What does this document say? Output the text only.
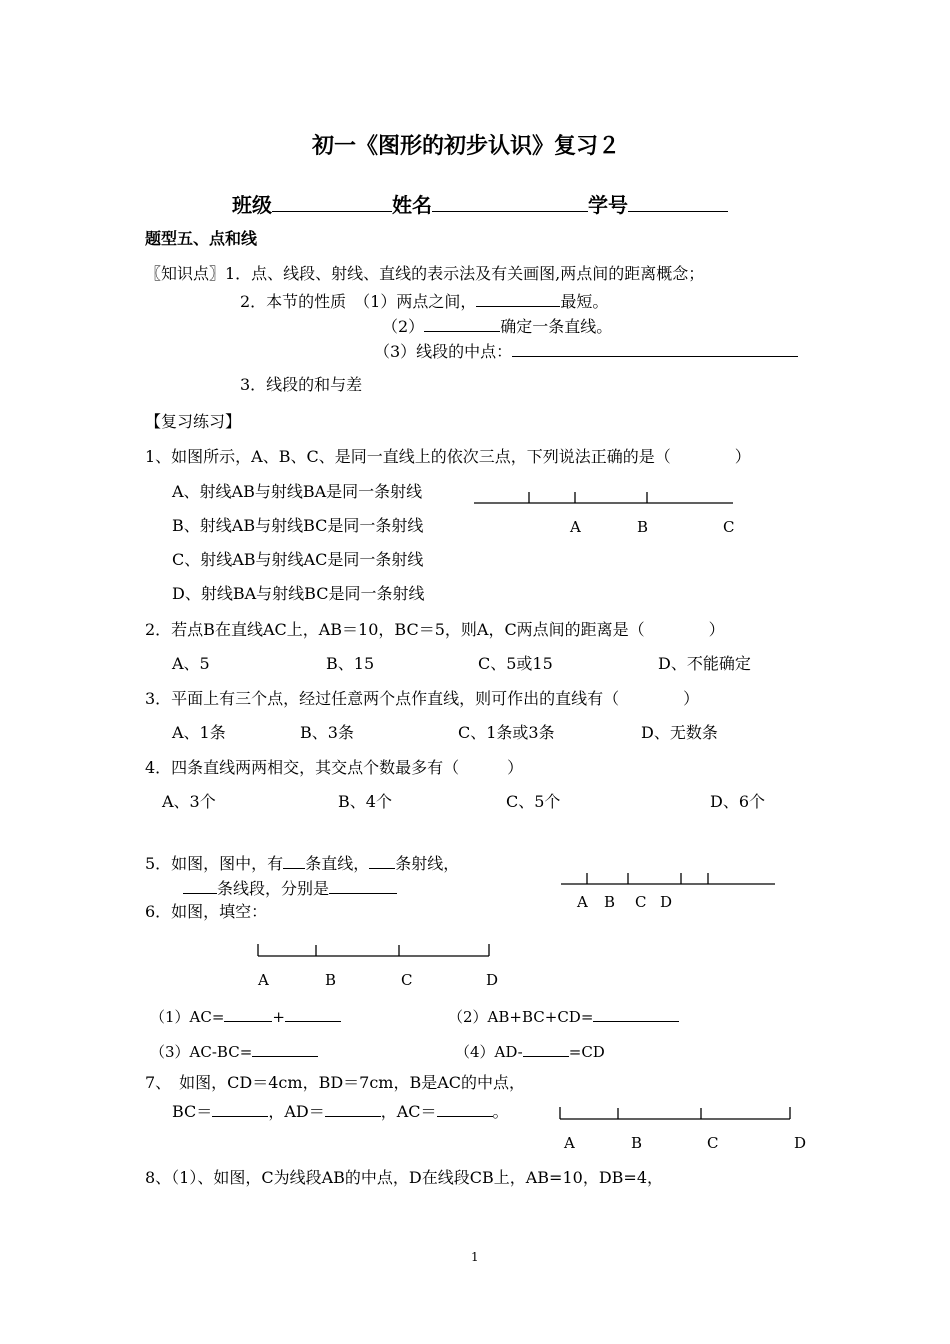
初一《图形的初步认识》复习２
班级	姓名	学号
题型五、点和线
〖知识点〗1．点、线段、射线、直线的表示法及有关画图,两点间的距离概念；
2．本节的性质　（1）两点之间，	最短。
（2）	确定一条直线。
（3）线段的中点：
3．线段的和与差
【复习练习】
1、如图所示，A、B、C、是同一直线上的依次三点，下列说法正确的是（　　　　）
A、射线AB与射线BA是同一条射线
B、射线AB与射线BC是同一条射线
C、射线AB与射线AC是同一条射线
D、射线BA与射线BC是同一条射线
A	B	C
2．若点B在直线AC上，AB＝10，BC＝5，则A，C两点间的距离是（　　　　）
A、5	B、15	C、5或15	D、不能确定
3．平面上有三个点，经过任意两个点作直线，则可作出的直线有（　　　　）
A、1条	B、3条	C、1条或3条	D、无数条
4．四条直线两两相交，其交点个数最多有（　　　）
A、3个	B、4个	C、5个	D、6个
5．如图，图中，有 条直线， 条射线，
条线段，分别是
A B C D
6．如图，填空：
A	B	C	D
（1）AC=	+	（2）AB+BC+CD=
（3）AC-BC=	（4）AD-	=CD
7、　如图，CD＝4cm，BD＝7cm，B是AC的中点，
BC＝	，AD＝	，AC＝	。
A	B	C	D
8、（1）、如图，C为线段AB的中点，D在线段CB上，AB=10，DB=4，
1
